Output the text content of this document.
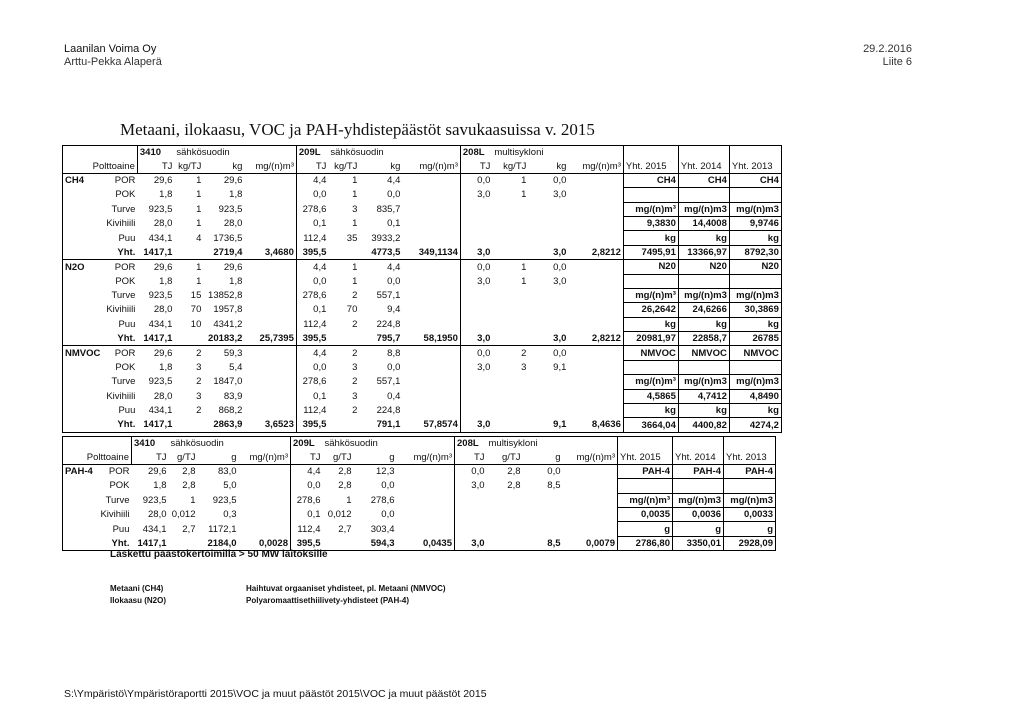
Laanilan Voima Oy
Arttu-Pekka Alaperä
29.2.2016
Liite 6
Metaani, ilokaasu, VOC ja PAH-yhdistepäästöt savukaasuissa v. 2015
		3410	sähkösuodin			209L	sähkösuodin			208L	multisykloni					
Polttoaine		TJ	kg/TJ	kg	mg/(n)m³	TJ	kg/TJ	kg	mg/(n)m³	TJ	kg/TJ	kg	mg/(n)m³	Yht. 2015	Yht. 2014	Yht. 2013
CH4	POR	29,6	1	29,6		4,4	1	4,4		0,0	1	0,0		CH4	CH4	CH4
	POK	1,8	1	1,8		0,0	1	0,0		3,0	1	3,0				
	Turve	923,5	1	923,5		278,6	3	835,7						mg/(n)m³	mg/(n)m3	mg/(n)m3
	Kivihiili	28,0	1	28,0		0,1	1	0,1						9,3830	14,4008	9,9746
	Puu	434,1	4	1736,5		112,4	35	3933,2						kg	kg	kg
	Yht.	1417,1		2719,4	3,4680	395,5		4773,5	349,1134	3,0		3,0	2,8212	7495,91	13366,97	8792,30
N2O	POR	29,6	1	29,6		4,4	1	4,4		0,0	1	0,0		N20	N20	N20
	POK	1,8	1	1,8		0,0	1	0,0		3,0	1	3,0				
	Turve	923,5	15	13852,8		278,6	2	557,1						mg/(n)m³	mg/(n)m3	mg/(n)m3
	Kivihiili	28,0	70	1957,8		0,1	70	9,4						26,2642	24,6266	30,3869
	Puu	434,1	10	4341,2		112,4	2	224,8						kg	kg	kg
	Yht.	1417,1		20183,2	25,7395	395,5		795,7	58,1950	3,0		3,0	2,8212	20981,97	22858,7	26785
NMVOC	POR	29,6	2	59,3		4,4	2	8,8		0,0	2	0,0		NMVOC	NMVOC	NMVOC
	POK	1,8	3	5,4		0,0	3	0,0		3,0	3	9,1				
	Turve	923,5	2	1847,0		278,6	2	557,1						mg/(n)m³	mg/(n)m3	mg/(n)m3
	Kivihiili	28,0	3	83,9		0,1	3	0,4						4,5865	4,7412	4,8490
	Puu	434,1	2	868,2		112,4	2	224,8						kg	kg	kg
	Yht.	1417,1		2863,9	3,6523	395,5		791,1	57,8574	3,0		9,1	8,4636	3664,04	4400,82	4274,2
		3410	sähkösuodin			209L	sähkösuodin			208L	multisykloni					
Polttoaine		TJ	g/TJ	g	mg/(n)m³	TJ	g/TJ	g	mg/(n)m³	TJ	g/TJ	g	mg/(n)m³	Yht. 2015	Yht. 2014	Yht. 2013
PAH-4	POR	29,6	2,8	83,0		4,4	2,8	12,3		0,0	2,8	0,0		PAH-4	PAH-4	PAH-4
	POK	1,8	2,8	5,0		0,0	2,8	0,0		3,0	2,8	8,5				
	Turve	923,5	1	923,5		278,6	1	278,6						mg/(n)m³	mg/(n)m3	mg/(n)m3
	Kivihiili	28,0	0,012	0,3		0,1	0,012	0,0						0,0035	0,0036	0,0033
	Puu	434,1	2,7	1172,1		112,4	2,7	303,4						g	g	g
	Yht.	1417,1		2184,0	0,0028	395,5		594,3	0,0435	3,0		8,5	0,0079	2786,80	3350,01	2928,09
Laskettu päästökertoimilla > 50 MW laitoksille
Metaani (CH4)
Ilokaasu (N2O)
Haihtuvat orgaaniset yhdisteet, pl. Metaani (NMVOC)
Polyaromaattisethiilivety-yhdisteet (PAH-4)
S:\Ympäristö\Ympäristöraportti 2015\VOC ja muut päästöt 2015\VOC ja muut päästöt 2015
